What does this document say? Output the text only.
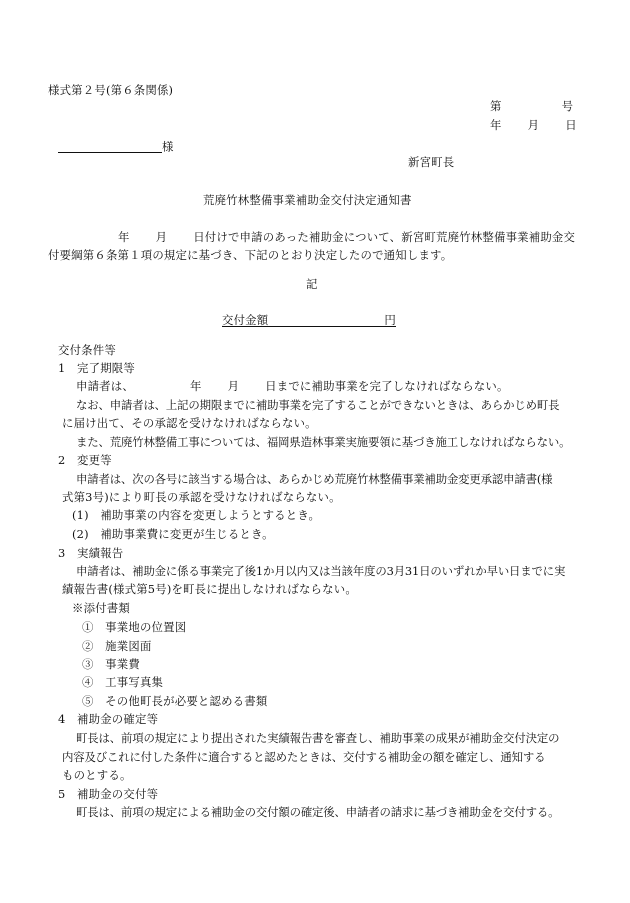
様式第２号(第６条関係)
第	号
年 月 日
様
新宮町長
荒廃竹林整備事業補助金交付決定通知書
年 月 日付けで申請のあった補助金について、新宮町荒廃竹林整備事業補助金交
付要綱第６条第１項の規定に基づき、下記のとおり決定したので通知します。
記
交付金額	円
交付条件等
1　完了期限等
申請者は、	年 月 日までに補助事業を完了しなければならない。
なお、申請者は、上記の期限までに補助事業を完了することができないときは、あらかじめ町長
に届け出て、その承認を受けなければならない。
また、荒廃竹林整備工事については、福岡県造林事業実施要領に基づき施工しなければならない。
2　変更等
申請者は、次の各号に該当する場合は、あらかじめ荒廃竹林整備事業補助金変更承認申請書(様
式第3号)により町長の承認を受けなければならない。
(1)　補助事業の内容を変更しようとするとき。
(2)　補助事業費に変更が生じるとき。
3　実績報告
申請者は、補助金に係る事業完了後1か月以内又は当該年度の3月31日のいずれか早い日までに実
績報告書(様式第5号)を町長に提出しなければならない。
※添付書類
①　事業地の位置図
②　施業図面
③　事業費
④　工事写真集
⑤　その他町長が必要と認める書類
4　補助金の確定等
町長は、前項の規定により提出された実績報告書を審査し、補助事業の成果が補助金交付決定の
内容及びこれに付した条件に適合すると認めたときは、交付する補助金の額を確定し、通知する
ものとする。
5　補助金の交付等
町長は、前項の規定による補助金の交付額の確定後、申請者の請求に基づき補助金を交付する。
